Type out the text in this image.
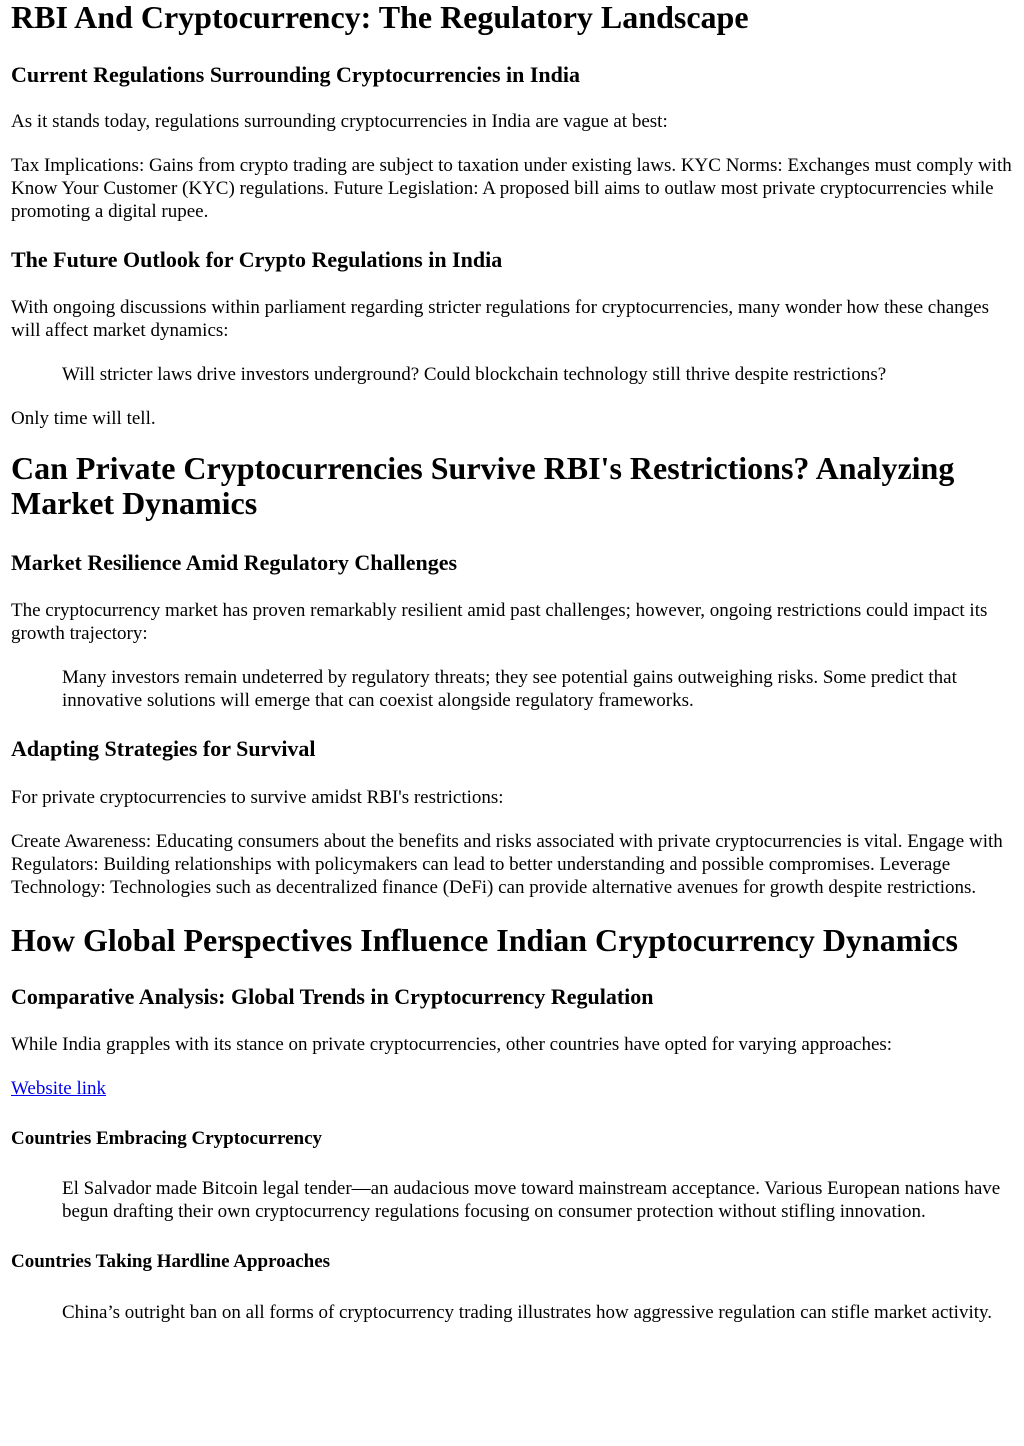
RBI And Cryptocurrency: The Regulatory Landscape
Current Regulations Surrounding Cryptocurrencies in India

As it stands today, regulations surrounding cryptocurrencies in India are vague at best:

Tax Implications: Gains from crypto trading are subject to taxation under existing laws. KYC Norms: Exchanges must comply with Know Your Customer (KYC) regulations. Future Legislation: A proposed bill aims to outlaw most private cryptocurrencies while promoting a digital rupee.

The Future Outlook for Crypto Regulations in India

With ongoing discussions within parliament regarding stricter regulations for cryptocurrencies, many wonder how these changes will affect market dynamics:

Will stricter laws drive investors underground? Could blockchain technology still thrive despite restrictions?

Only time will tell.

Can Private Cryptocurrencies Survive RBI's Restrictions? Analyzing Market Dynamics
Market Resilience Amid Regulatory Challenges

The cryptocurrency market has proven remarkably resilient amid past challenges; however, ongoing restrictions could impact its growth trajectory:

Many investors remain undeterred by regulatory threats; they see potential gains outweighing risks. Some predict that innovative solutions will emerge that can coexist alongside regulatory frameworks.
Adapting Strategies for Survival

For private cryptocurrencies to survive amidst RBI's restrictions:

Create Awareness: Educating consumers about the benefits and risks associated with private cryptocurrencies is vital. Engage with Regulators: Building relationships with policymakers can lead to better understanding and possible compromises. Leverage Technology: Technologies such as decentralized finance (DeFi) can provide alternative avenues for growth despite restrictions.

How Global Perspectives Influence Indian Cryptocurrency Dynamics
Comparative Analysis: Global Trends in Cryptocurrency Regulation

While India grapples with its stance on private cryptocurrencies, other countries have opted for varying approaches:

Website link

Countries Embracing Cryptocurrency
El Salvador made Bitcoin legal tender—an audacious move toward mainstream acceptance. Various European nations have begun drafting their own cryptocurrency regulations focusing on consumer protection without stifling innovation.
Countries Taking Hardline Approaches
China’s outright ban on all forms of cryptocurrency trading illustrates how aggressive regulation can stifle market activity.
